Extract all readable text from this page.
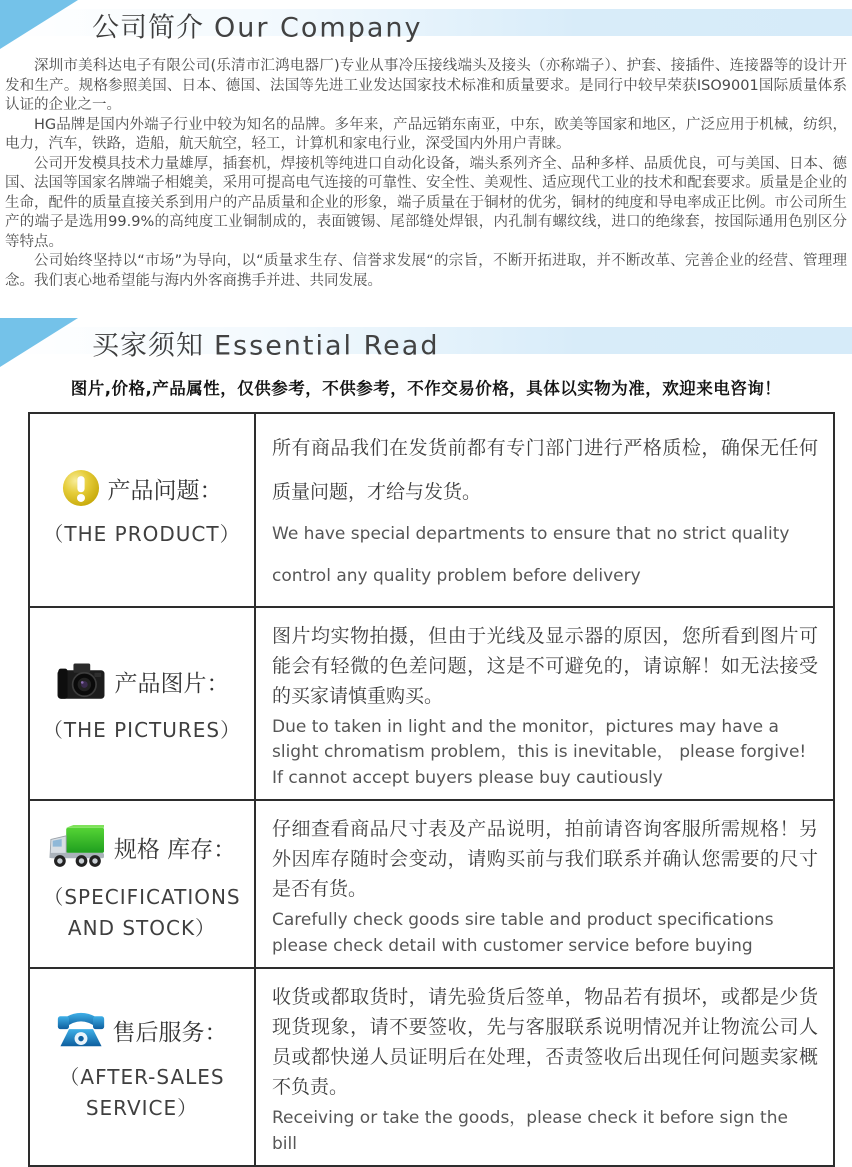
公司简介 Our Company

深圳市美科达电子有限公司(乐清市汇鸿电器厂)专业从事冷压接线端头及接头（亦称端子）、护套、接插件、连接器等的设计开发和生产。规格参照美国、日本、德国、法国等先进工业发达国家技术标准和质量要求。是同行中较早荣获ISO9001国际质量体系认证的企业之一。

HG品牌是国内外端子行业中较为知名的品牌。多年来，产品远销东南亚，中东，欧美等国家和地区，广泛应用于机械，纺织，电力，汽车，铁路，造船，航天航空，轻工，计算机和家电行业，深受国内外用户青睐。

公司开发模具技术力量雄厚，插套机，焊接机等纯进口自动化设备，端头系列齐全、品种多样、品质优良，可与美国、日本、德国、法国等国家名牌端子相媲美，采用可提高电气连接的可靠性、安全性、美观性、适应现代工业的技术和配套要求。质量是企业的生命，配件的质量直接关系到用户的产品质量和企业的形象，端子质量在于铜材的优劣，铜材的纯度和导电率成正比例。市公司所生产的端子是选用99.9%的高纯度工业铜制成的，表面镀锡、尾部缝处焊银，内孔制有螺纹线，进口的绝缘套，按国际通用色别区分等特点。

公司始终坚持以“市场”为导向，以“质量求生存、信誉求发展“的宗旨，不断开拓进取，并不断改革、完善企业的经营、管理理念。我们衷心地希望能与海内外客商携手并进、共同发展。

买家须知 Essential Read
图片,价格,产品属性，仅供参考，不供参考，不作交易价格，具体以实物为准，欢迎来电咨询！
产品问题：
（THE PRODUCT）
所有商品我们在发货前都有专门部门进行严格质检，确保无任何质量问题，才给与发货。
We have special departments to ensure that no strict quality control any quality problem before delivery
产品图片：
（THE PICTURES）
图片均实物拍摄，但由于光线及显示器的原因，您所看到图片可能会有轻微的色差问题，这是不可避免的，请谅解！如无法接受的买家请慎重购买。
Due to taken in light and the monitor，pictures may have a slight chromatism problem，this is inevitable， please forgive! If cannot accept buyers please buy cautiously
规格 库存：
（SPECIFICATIONS AND STOCK）
仔细查看商品尺寸表及产品说明，拍前请咨询客服所需规格！另外因库存随时会变动，请购买前与我们联系并确认您需要的尺寸是否有货。
Carefully check goods sire table and product specifications please check detail with customer service before buying
售后服务：
（AFTER-SALES SERVICE）
收货或都取货时，请先验货后签单，物品若有损坏，或都是少货现货现象，请不要签收，先与客服联系说明情况并让物流公司人员或都快递人员证明后在处理，否责签收后出现任何问题卖家概不负责。
Receiving or take the goods，please check it before sign the bill
